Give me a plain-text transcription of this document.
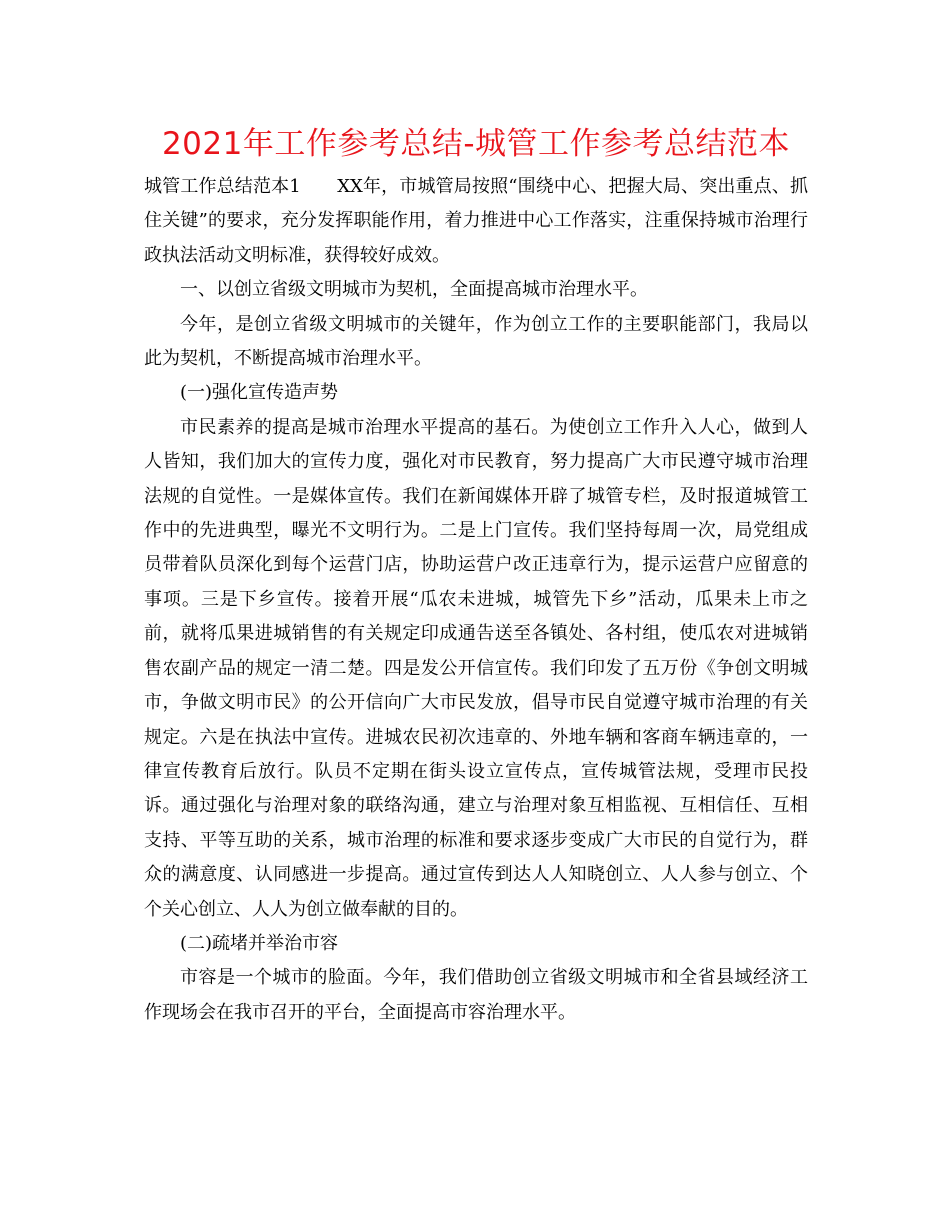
2021年工作参考总结-城管工作参考总结范本

城管工作总结范本1　　XX年，市城管局按照“围绕中心、把握大局、突出重点、抓住关键”的要求，充分发挥职能作用，着力推进中心工作落实，注重保持城市治理行政执法活动文明标准，获得较好成效。

一、以创立省级文明城市为契机，全面提高城市治理水平。

今年，是创立省级文明城市的关键年，作为创立工作的主要职能部门，我局以此为契机，不断提高城市治理水平。

(一)强化宣传造声势

市民素养的提高是城市治理水平提高的基石。为使创立工作升入人心，做到人人皆知，我们加大的宣传力度，强化对市民教育，努力提高广大市民遵守城市治理法规的自觉性。一是媒体宣传。我们在新闻媒体开辟了城管专栏，及时报道城管工作中的先进典型，曝光不文明行为。二是上门宣传。我们坚持每周一次，局党组成员带着队员深化到每个运营门店，协助运营户改正违章行为，提示运营户应留意的事项。三是下乡宣传。接着开展“瓜农未进城，城管先下乡”活动，瓜果未上市之前，就将瓜果进城销售的有关规定印成通告送至各镇处、各村组，使瓜农对进城销售农副产品的规定一清二楚。四是发公开信宣传。我们印发了五万份《争创文明城市，争做文明市民》的公开信向广大市民发放，倡导市民自觉遵守城市治理的有关规定。六是在执法中宣传。进城农民初次违章的、外地车辆和客商车辆违章的，一律宣传教育后放行。队员不定期在街头设立宣传点，宣传城管法规，受理市民投诉。通过强化与治理对象的联络沟通，建立与治理对象互相监视、互相信任、互相支持、平等互助的关系，城市治理的标准和要求逐步变成广大市民的自觉行为，群众的满意度、认同感进一步提高。通过宣传到达人人知晓创立、人人参与创立、个个关心创立、人人为创立做奉献的目的。

(二)疏堵并举治市容

市容是一个城市的脸面。今年，我们借助创立省级文明城市和全省县域经济工作现场会在我市召开的平台，全面提高市容治理水平。
